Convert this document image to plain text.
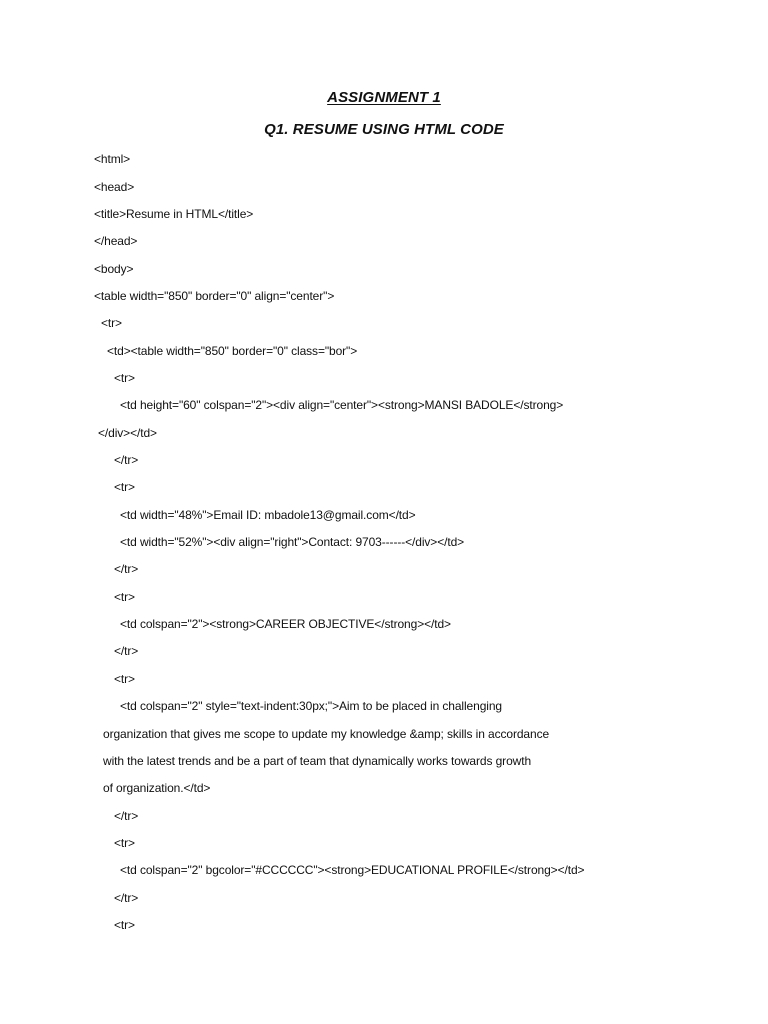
ASSIGNMENT 1
Q1. RESUME USING HTML CODE
<html>
<head>
<title>Resume in HTML</title>
</head>
<body>
<table width="850" border="0" align="center">
<tr>
<td><table width="850" border="0" class="bor">
<tr>
<td height="60" colspan="2"><div align="center"><strong>MANSI BADOLE</strong>
</div></td>
</tr>
<tr>
<td width="48%">Email ID: mbadole13@gmail.com</td>
<td width="52%"><div align="right">Contact: 9703------</div></td>
</tr>
<tr>
<td colspan="2"><strong>CAREER OBJECTIVE</strong></td>
</tr>
<tr>
<td colspan="2" style="text-indent:30px;">Aim to be placed in challenging
organization that gives me scope to update my knowledge &amp; skills in accordance
with the latest trends and be a part of team that dynamically works towards growth
of organization.</td>
</tr>
<tr>
<td colspan="2" bgcolor="#CCCCCC"><strong>EDUCATIONAL PROFILE</strong></td>
</tr>
<tr>
